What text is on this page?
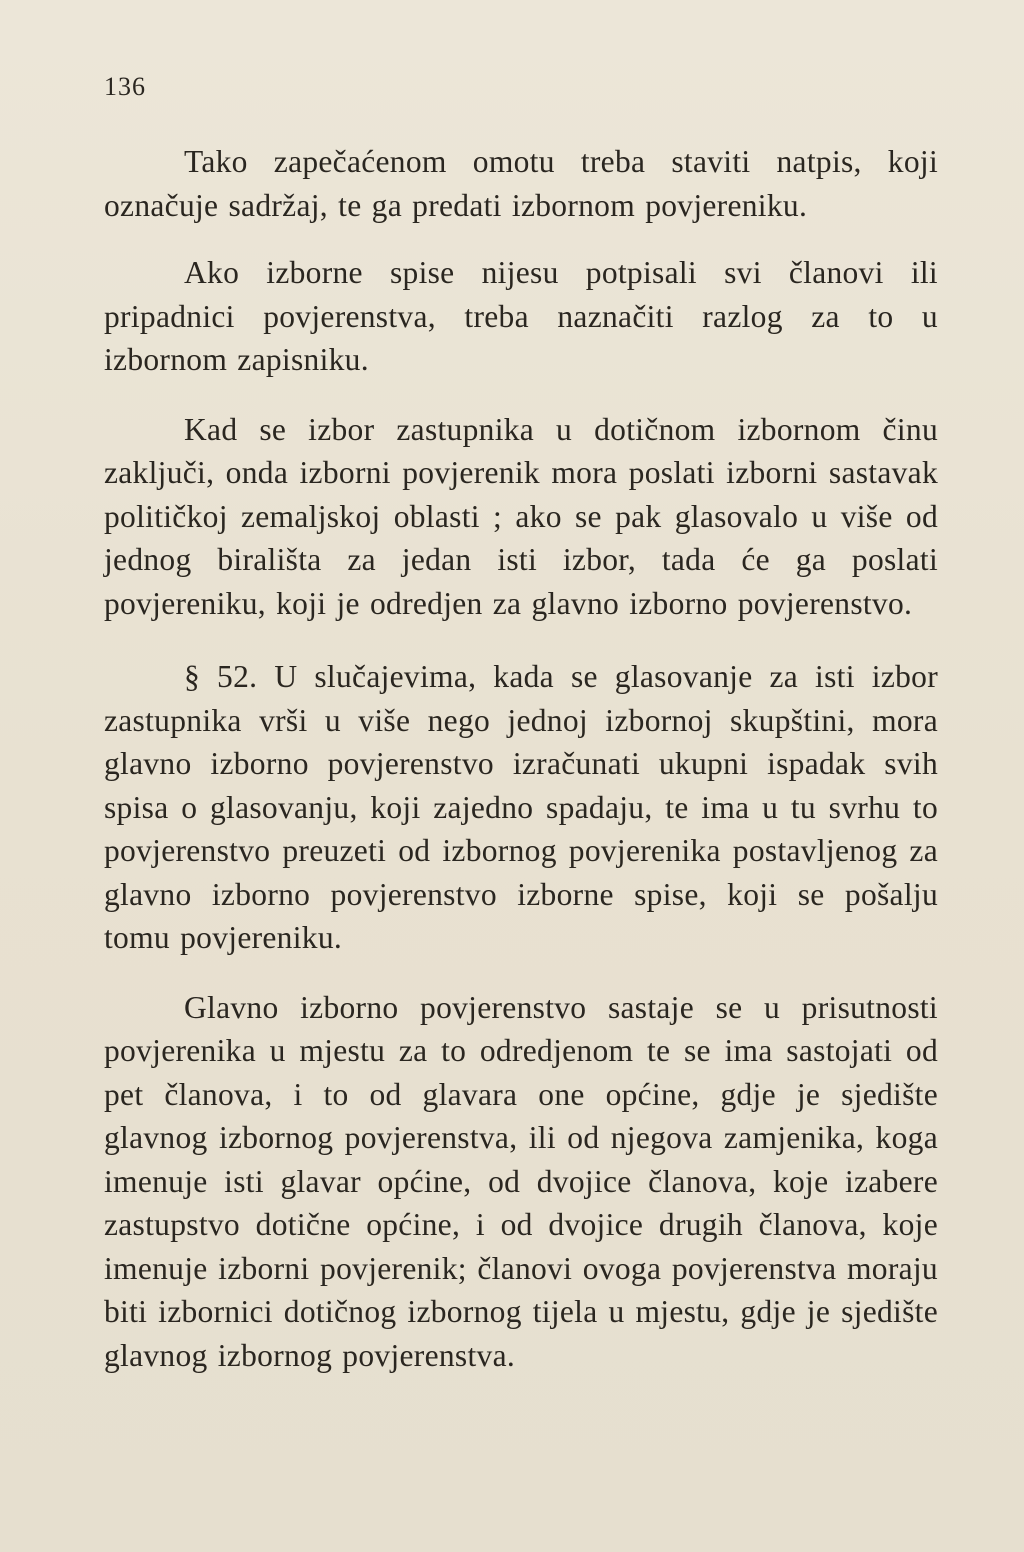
136

Tako zapečaćenom omotu treba staviti natpis, koji označuje sadržaj, te ga predati izbornom povjereniku.

Ako izborne spise nijesu potpisali svi članovi ili pripadnici povjerenstva, treba naznačiti razlog za to u izbornom zapisniku.

Kad se izbor zastupnika u dotičnom izbornom činu zaključi, onda izborni povjerenik mora poslati izborni sastavak političkoj zemaljskoj oblasti ; ako se pak glasovalo u više od jednog birališta za jedan isti izbor, tada će ga poslati povjereniku, koji je odredjen za glavno izborno povjerenstvo.

§ 52. U slučajevima, kada se glasovanje za isti izbor zastupnika vrši u više nego jednoj izbornoj skupštini, mora glavno izborno povjerenstvo izračunati ukupni ispadak svih spisa o glasovanju, koji zajedno spadaju, te ima u tu svrhu to povjerenstvo preuzeti od izbornog povjerenika postavljenog za glavno izborno povjerenstvo izborne spise, koji se pošalju tomu povjereniku.

Glavno izborno povjerenstvo sastaje se u prisutnosti povjerenika u mjestu za to odredjenom te se ima sastojati od pet članova, i to od glavara one općine, gdje je sjedište glavnog izbornog povjerenstva, ili od njegova zamjenika, koga imenuje isti glavar općine, od dvojice članova, koje izabere zastupstvo dotične općine, i od dvojice drugih članova, koje imenuje izborni povjerenik; članovi ovoga povjerenstva moraju biti izbornici dotičnog izbornog tijela u mjestu, gdje je sjedište glavnog izbornog povjerenstva.
